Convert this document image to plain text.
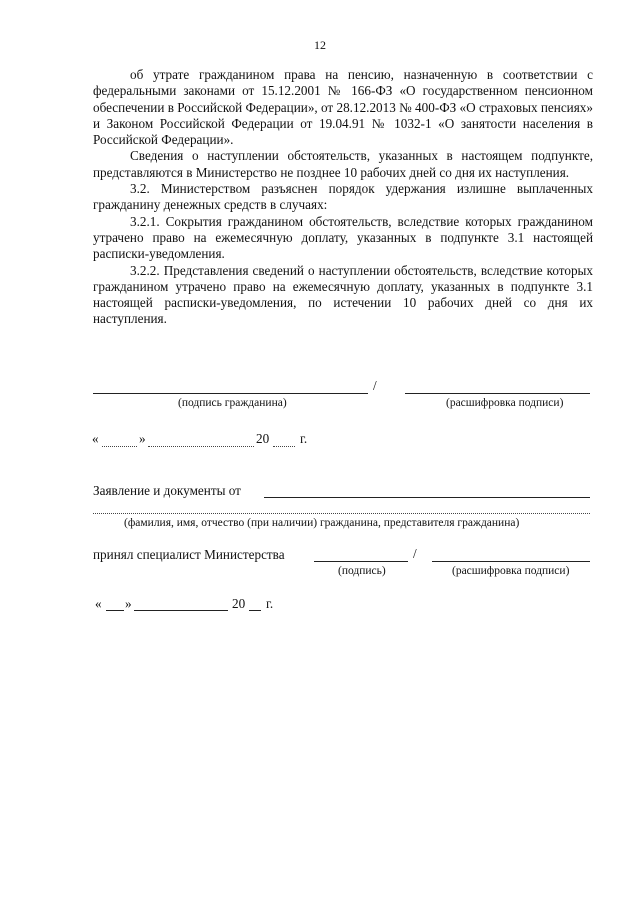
12

об утрате гражданином права на пенсию, назначенную в соответствии с федеральными законами от 15.12.2001 № 166-ФЗ «О государственном пенсионном обеспечении в Российской Федерации», от 28.12.2013 № 400-ФЗ «О страховых пенсиях» и Законом Российской Федерации от 19.04.91 № 1032-1 «О занятости населения в Российской Федерации».

Сведения о наступлении обстоятельств, указанных в настоящем подпункте, представляются в Министерство не позднее 10 рабочих дней со дня их наступления.

3.2. Министерством разъяснен порядок удержания излишне выплаченных гражданину денежных средств в случаях:

3.2.1. Сокрытия гражданином обстоятельств, вследствие которых гражданином утрачено право на ежемесячную доплату, указанных в подпункте 3.1 настоящей расписки-уведомления.

3.2.2. Представления сведений о наступлении обстоятельств, вследствие которых гражданином утрачено право на ежемесячную доплату, указанных в подпункте 3.1 настоящей расписки-уведомления, по истечении 10 рабочих дней со дня их наступления.

/
(подпись гражданина)	(расшифровка подписи)
«	»	20 г.
Заявление и документы от
(фамилия, имя, отчество (при наличии) гражданина, представителя гражданина)
принял специалист Министерства	/
(подпись)	(расшифровка подписи)
« »	20 г.
